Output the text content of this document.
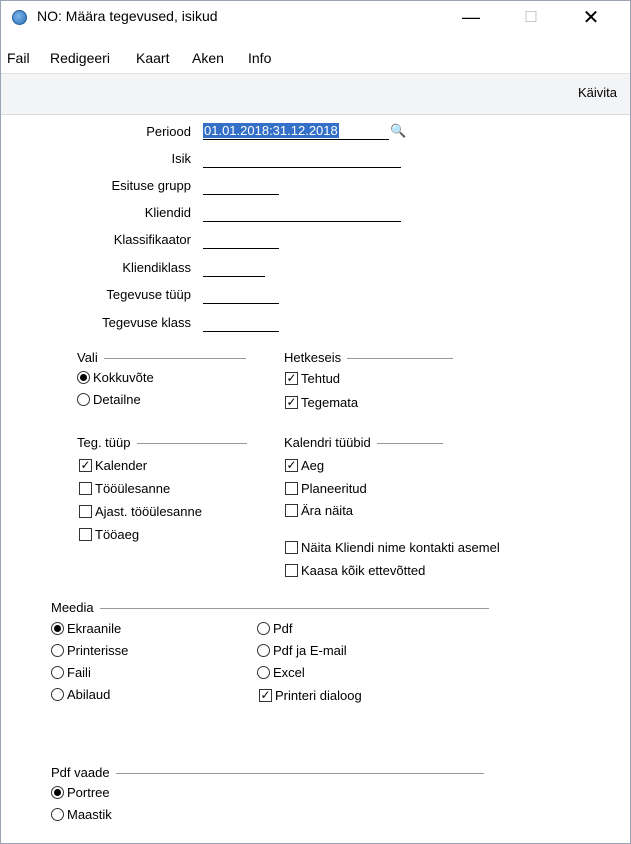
NO: Määra tegevused, isikud	—	☐	✕
Fail Redigeeri Kaart Aken Info
Käivita
Periood 01.01.2018:31.12.2018	🔍
Isik
Esituse grupp
Kliendid
Klassifikaator
Kliendiklass
Tegevuse tüüp
Tegevuse klass
Vali
Kokkuvõte
Detailne
Hetkeseis
✓ Tehtud
✓ Tegemata
Teg. tüüp
✓ Kalender
Tööülesanne
Ajast. tööülesanne
Tööaeg
Kalendri tüübid
✓ Aeg
Planeeritud
Ära näita
Näita Kliendi nime kontakti asemel
Kaasa kõik ettevõtted
Meedia
Ekraanile
Printerisse
Faili
Abilaud
Pdf
Pdf ja E-mail
Excel
✓ Printeri dialoog
Pdf vaade
Portree
Maastik
